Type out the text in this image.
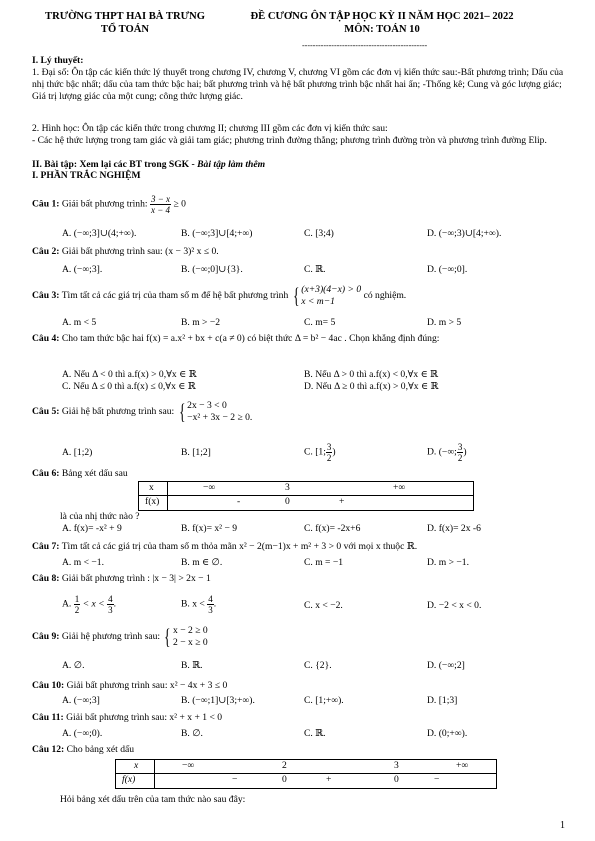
TRƯỜNG THPT HAI BÀ TRƯNG
TỔ TOÁN
ĐỀ CƯƠNG ÔN TẬP HỌC KỲ II NĂM HỌC 2021– 2022
MÔN: TOÁN 10
-----------------------------------------------
I. Lý thuyết:
1. Đại số: Ôn tập các kiến thức lý thuyết trong chương IV, chương V, chương VI gồm các đơn vị kiến thức sau:-Bất phương trình; Dấu của nhị thức bậc nhất; dấu của tam thức bậc hai; bất phương trình và hệ bất phương trình bậc nhất hai ẩn; -Thống kê; Cung và góc lượng giác; Giá trị lượng giác của một cung; công thức lượng giác.
2. Hình học: Ôn tập các kiến thức trong chương II; chương III gồm các đơn vị kiến thức sau:
- Các hệ thức lượng trong tam giác và giải tam giác; phương trình đường thẳng; phương trình đường tròn và phương trình đường Elip.
II. Bài tập: Xem lại các BT trong SGK - Bài tập làm thêm
I. PHẦN TRẮC NGHIỆM
Câu 1: Giải bất phương trình: $\frac{3 - x}{x - 4} \ge 0$
A. (−∞;3]∪(4;+∞).	B. (−∞;3]∪[4;+∞)	C. [3;4)	D. (−∞;3)∪[4;+∞).
Câu 2: Giải bất phương trình sau: (x − 3)² x ≤ 0.
A. (−∞;3].	B. (−∞;0]∪{3}.	C. ℝ.	D. (−∞;0].
Câu 3: Tìm tất cả các giá trị của tham số m để hệ bất phương trình { (x+3)(4−x) > 0
x < m−1
có nghiệm.
A. m < 5	B. m > −2	C. m= 5	D. m > 5
Câu 4: Cho tam thức bậc hai f(x) = a.x² + bx + c(a ≠ 0) có biệt thức Δ = b² − 4ac . Chọn khẳng định đúng:
A. Nếu Δ < 0 thì a.f(x) > 0,∀x ∈ ℝ	B. Nếu Δ > 0 thì a.f(x) < 0,∀x ∈ ℝ
C. Nếu Δ ≤ 0 thì a.f(x) ≤ 0,∀x ∈ ℝ	D. Nếu Δ ≥ 0 thì a.f(x) > 0,∀x ∈ ℝ
Câu 5: Giải hệ bất phương trình sau: { 2x − 3 < 0
−x² + 3x − 2 ≥ 0.
A. [1;2)	B. [1;2]	C. [1; $\frac{3}{2}$ )	D. (−∞; $\frac{3}{2}$ )
Câu 6: Bảng xét dấu sau
x	−∞	3	+∞
f(x)	-	0	+
là của nhị thức nào ?
A. f(x)= -x² + 9	B. f(x)= x² − 9	C. f(x)= -2x+6	D. f(x)= 2x -6
Câu 7: Tìm tất cả các giá trị của tham số m thỏa mãn x² − 2(m−1)x + m² + 3 > 0 với mọi x thuộc ℝ.
A. m < −1.	B. m ∈ ∅.	C. m = −1	D. m > −1.
Câu 8: Giải bất phương trình : |x − 3| > 2x − 1
A. $\frac{1}{2} < x < \frac{4}{3}$ .	B. $x < \frac{4}{3}$ .	C. x < −2.	D. −2 < x < 0.
Câu 9: Giải hệ phương trình sau: { x − 2 ≥ 0
2 − x ≥ 0
A. ∅.	B. ℝ.	C. {2}.	D. (−∞;2]
Câu 10: Giải bất phương trình sau: x² − 4x + 3 ≤ 0
A. (−∞;3]	B. (−∞;1]∪[3;+∞).	C. [1;+∞).	D. [1;3]
Câu 11: Giải bất phương trình sau: x² + x + 1 < 0
A. (−∞;0).	B. ∅.	C. ℝ.	D. (0;+∞).
Câu 12: Cho bảng xét dấu
x	−∞	2	3	+∞
f(x)	−	0	+	0	−
Hỏi bảng xét dấu trên của tam thức nào sau đây:
1
